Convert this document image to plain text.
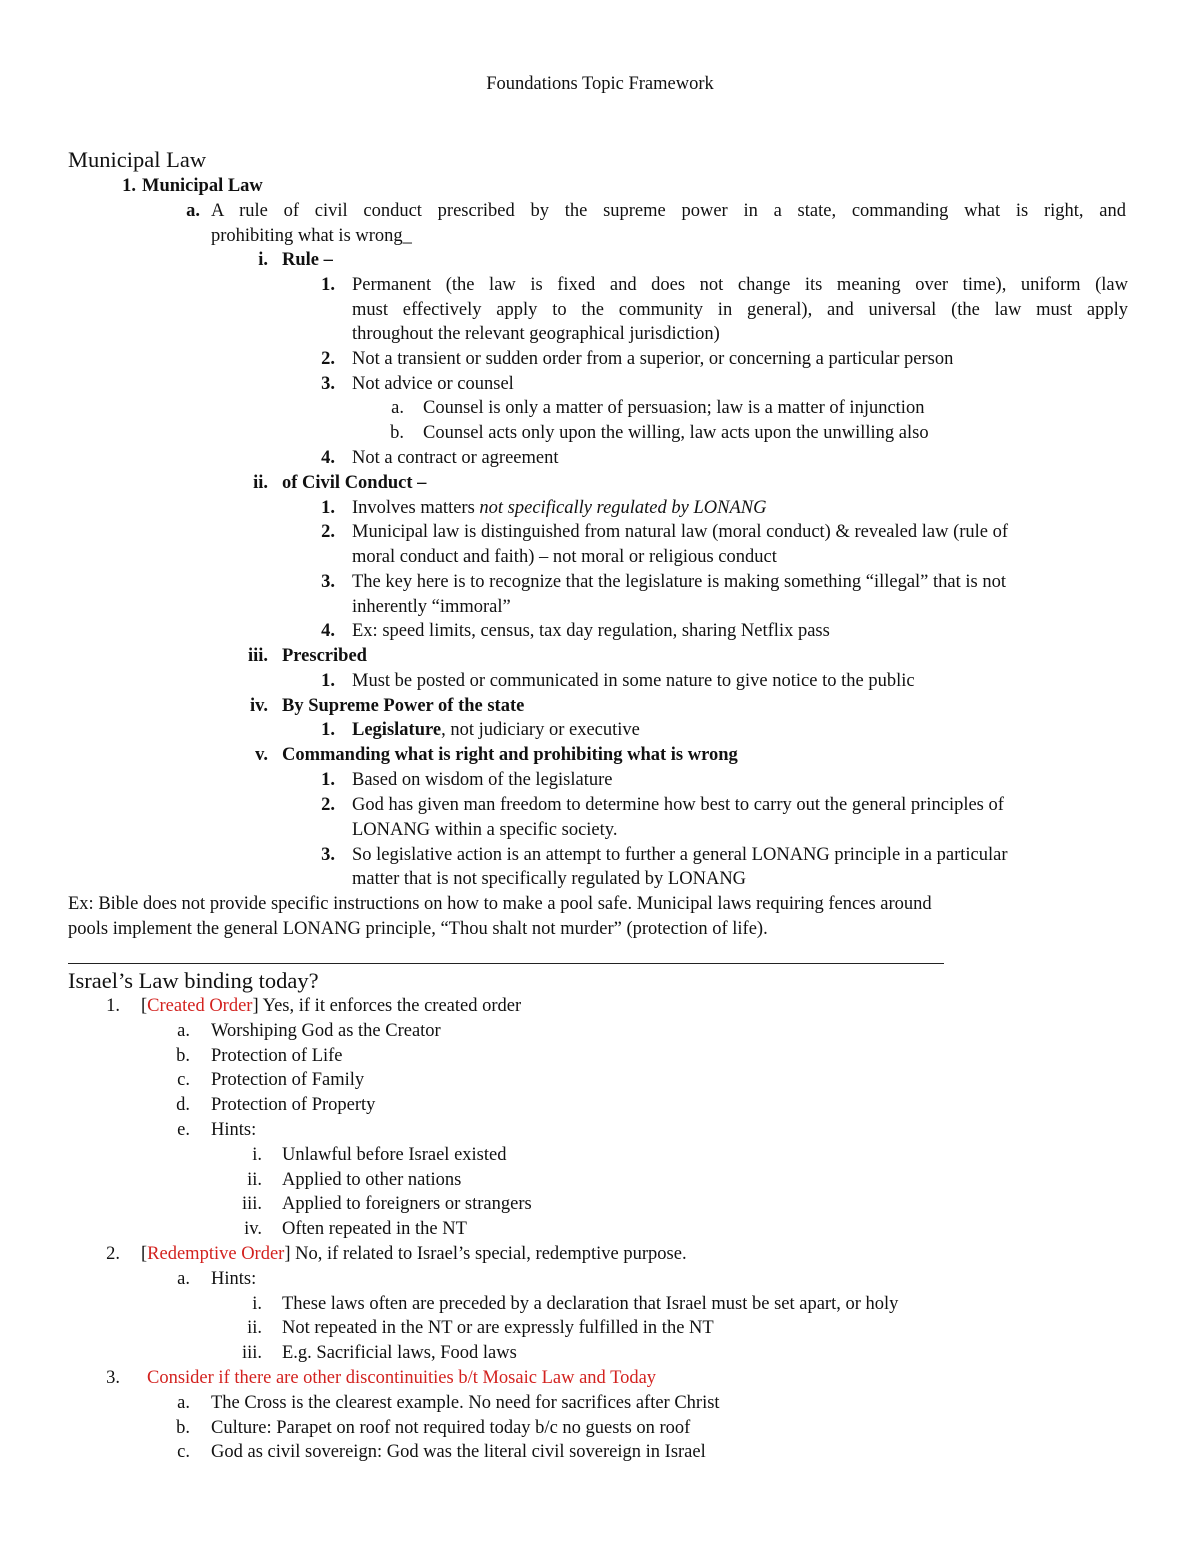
Foundations Topic Framework
Municipal Law
1. Municipal Law
a. A rule of civil conduct prescribed by the supreme power in a state, commanding what is right, and
prohibiting what is wrong_
i. Rule –
1. Permanent (the law is fixed and does not change its meaning over time), uniform (law
must effectively apply to the community in general), and universal (the law must apply
throughout the relevant geographical jurisdiction)
2. Not a transient or sudden order from a superior, or concerning a particular person
3. Not advice or counsel
a. Counsel is only a matter of persuasion; law is a matter of injunction
b. Counsel acts only upon the willing, law acts upon the unwilling also
4. Not a contract or agreement
ii. of Civil Conduct –
1. Involves matters not specifically regulated by LONANG
2. Municipal law is distinguished from natural law (moral conduct) & revealed law (rule of
moral conduct and faith) – not moral or religious conduct
3. The key here is to recognize that the legislature is making something “illegal” that is not
inherently “immoral”
4. Ex: speed limits, census, tax day regulation, sharing Netflix pass
iii. Prescribed
1. Must be posted or communicated in some nature to give notice to the public
iv. By Supreme Power of the state
1. Legislature, not judiciary or executive
v. Commanding what is right and prohibiting what is wrong
1. Based on wisdom of the legislature
2. God has given man freedom to determine how best to carry out the general principles of
LONANG within a specific society.
3. So legislative action is an attempt to further a general LONANG principle in a particular
matter that is not specifically regulated by LONANG
Ex: Bible does not provide specific instructions on how to make a pool safe. Municipal laws requiring fences around
pools implement the general LONANG principle, “Thou shalt not murder” (protection of life).
Israel’s Law binding today?
1. [Created Order] Yes, if it enforces the created order
a. Worshiping God as the Creator
b. Protection of Life
c. Protection of Family
d. Protection of Property
e. Hints:
i. Unlawful before Israel existed
ii. Applied to other nations
iii. Applied to foreigners or strangers
iv. Often repeated in the NT
2. [Redemptive Order] No, if related to Israel’s special, redemptive purpose.
a. Hints:
i. These laws often are preceded by a declaration that Israel must be set apart, or holy
ii. Not repeated in the NT or are expressly fulfilled in the NT
iii. E.g. Sacrificial laws, Food laws
3. Consider if there are other discontinuities b/t Mosaic Law and Today
a. The Cross is the clearest example. No need for sacrifices after Christ
b. Culture: Parapet on roof not required today b/c no guests on roof
c. God as civil sovereign: God was the literal civil sovereign in Israel
